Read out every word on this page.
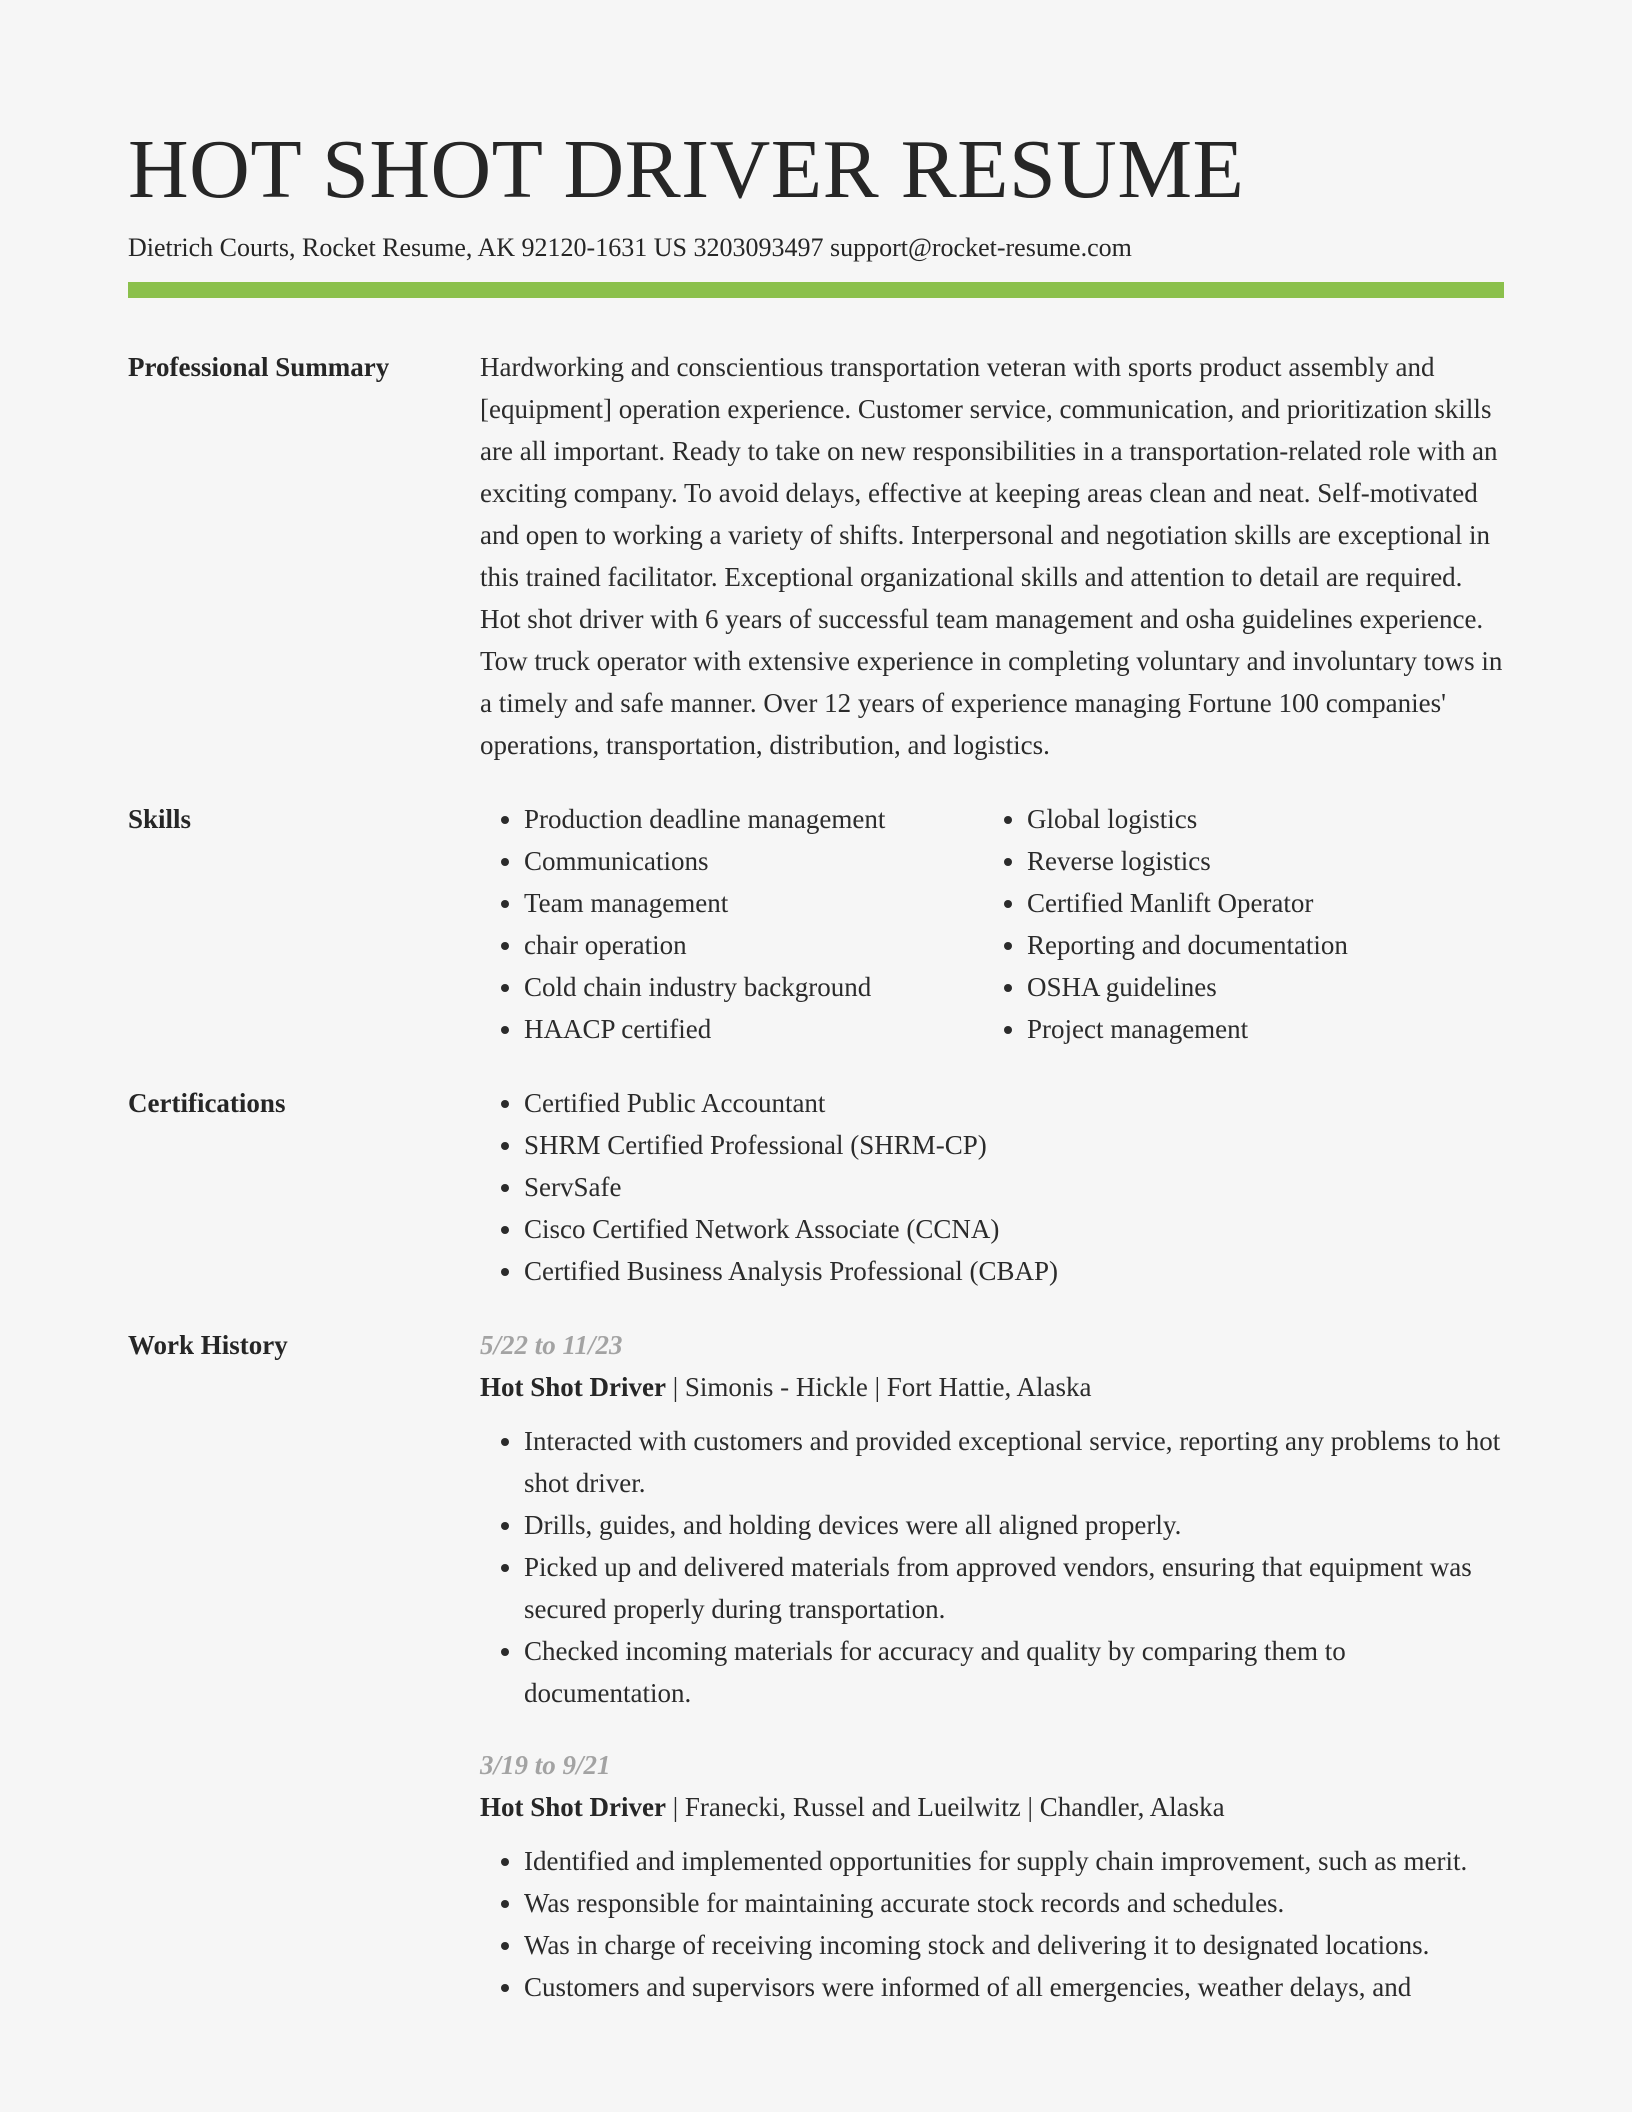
HOT SHOT DRIVER RESUME
Dietrich Courts, Rocket Resume, AK 92120-1631 US 3203093497 support@rocket-resume.com
Professional Summary	Hardworking and conscientious transportation veteran with sports product assembly and [equipment] operation experience. Customer service, communication, and prioritization skills are all important. Ready to take on new responsibilities in a transportation-related role with an exciting company. To avoid delays, effective at keeping areas clean and neat. Self-motivated and open to working a variety of shifts. Interpersonal and negotiation skills are exceptional in this trained facilitator. Exceptional organizational skills and attention to detail are required. Hot shot driver with 6 years of successful team management and osha guidelines experience. Tow truck operator with extensive experience in completing voluntary and involuntary tows in a timely and safe manner. Over 12 years of experience managing Fortune 100 companies' operations, transportation, distribution, and logistics.
Skills	• Production deadline management
• Communications
• Team management
• chair operation
• Cold chain industry background
• HAACP certified
• Global logistics
• Reverse logistics
• Certified Manlift Operator
• Reporting and documentation
• OSHA guidelines
• Project management
Certifications	• Certified Public Accountant
• SHRM Certified Professional (SHRM-CP)
• ServSafe
• Cisco Certified Network Associate (CCNA)
• Certified Business Analysis Professional (CBAP)
Work History	5/22 to 11/23
Hot Shot Driver | Simonis - Hickle | Fort Hattie, Alaska
• Interacted with customers and provided exceptional service, reporting any problems to hot shot driver.
• Drills, guides, and holding devices were all aligned properly.
• Picked up and delivered materials from approved vendors, ensuring that equipment was secured properly during transportation.
• Checked incoming materials for accuracy and quality by comparing them to documentation.
3/19 to 9/21
Hot Shot Driver | Franecki, Russel and Lueilwitz | Chandler, Alaska
• Identified and implemented opportunities for supply chain improvement, such as merit.
• Was responsible for maintaining accurate stock records and schedules.
• Was in charge of receiving incoming stock and delivering it to designated locations.
• Customers and supervisors were informed of all emergencies, weather delays, and
